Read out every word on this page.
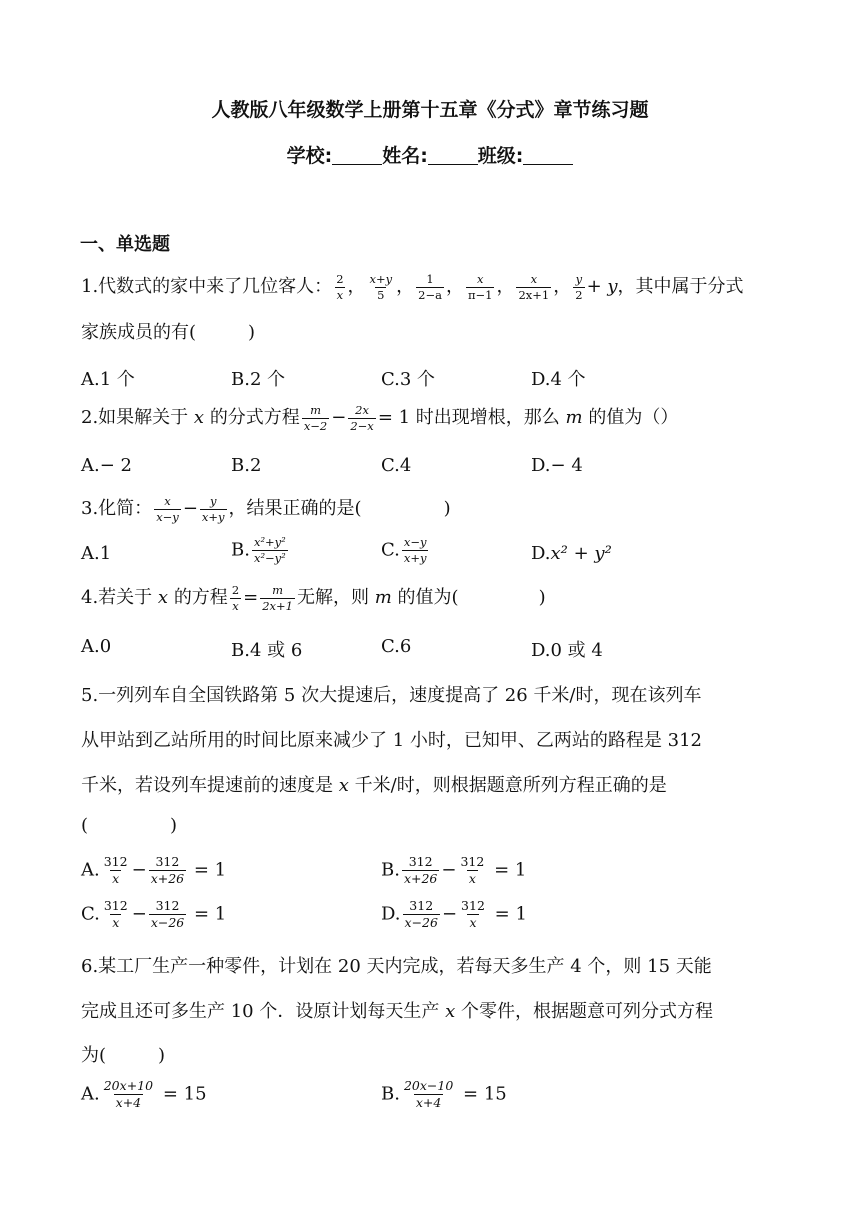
人教版八年级数学上册第十五章《分式》章节练习题
学校:	姓名:	班级:
一、单选题
1.代数式的家中来了几位客人： $\frac{2}{x}$ ， $\frac{x+y}{5}$ ， $\frac{1}{2-a}$ ， $\frac{x}{\pi-1}$ ， $\frac{x}{2x+1}$ ， $\frac{y}{2} + y$，其中属于分式
家族成员的有(	)
A.1 个	B.2 个	C.3 个	D.4 个
2.如果解关于 x 的分式方程 $\frac{m}{x-2} - \frac{2x}{2-x} = 1$ 时出现增根，那么 m 的值为（）
A.− 2	B.2	C.4	D.− 4
3.化简： $\frac{x}{x-y} - \frac{y}{x+y}$ ，结果正确的是(	)
A.1	B. $\frac{\text{x²+y²}}{\text{x²−y²}}$	C. $\frac{x-y}{x+y}$	D.x² + y²
4.若关于 x 的方程 $\frac{2}{x} = \frac{m}{2x+1}$ 无解，则 m 的值为(	)
A.0	B.4 或 6	C.6	D.0 或 4
5.一列列车自全国铁路第 5 次大提速后，速度提高了 26 千米/时，现在该列车
从甲站到乙站所用的时间比原来减少了 1 小时，已知甲、乙两站的路程是 312
千米，若设列车提速前的速度是 x 千米/时，则根据题意所列方程正确的是
(	)
A. $\frac{312}{x} - \frac{312}{x+26} = 1$	B. $\frac{312}{x+26} - \frac{312}{x} = 1$
C. $\frac{312}{x} - \frac{312}{x-26} = 1$	D. $\frac{312}{x-26} - \frac{312}{x} = 1$
6.某工厂生产一种零件，计划在 20 天内完成，若每天多生产 4 个，则 15 天能
完成且还可多生产 10 个．设原计划每天生产 x 个零件，根据题意可列分式方程
为(	)
A. $\frac{20x+10}{x+4} = 15$	B. $\frac{20x-10}{x+4} = 15$
